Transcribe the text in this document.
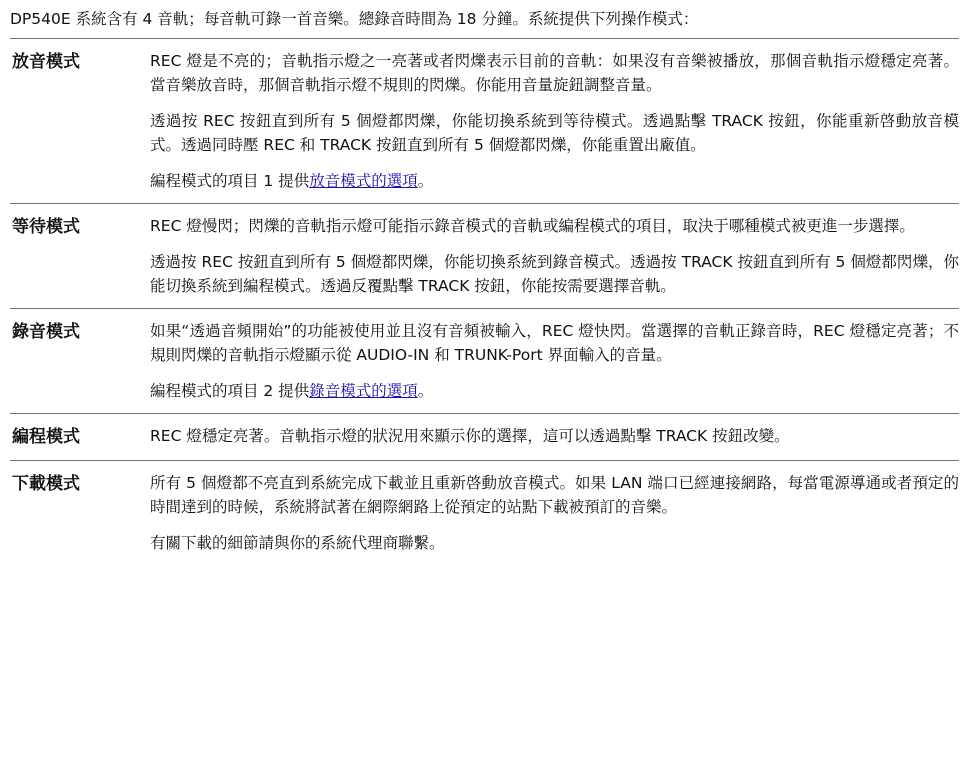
DP540E 系統含有 4 音軌；每音軌可錄一首音樂。總錄音時間為 18 分鐘。系統提供下列操作模式：

放音模式	REC 燈是不亮的；音軌指示燈之一亮著或者閃爍表示目前的音軌：如果沒有音樂被播放，那個音軌指示燈穩定亮著。當音樂放音時，那個音軌指示燈不規則的閃爍。你能用音量旋鈕調整音量。

透過按 REC 按鈕直到所有 5 個燈都閃爍，你能切換系統到等待模式。透過點擊 TRACK 按鈕，你能重新啓動放音模式。透過同時壓 REC 和 TRACK 按鈕直到所有 5 個燈都閃爍，你能重置出廠值。

編程模式的項目 1 提供放音模式的選項。

等待模式	REC 燈慢閃；閃爍的音軌指示燈可能指示錄音模式的音軌或編程模式的項目，取決于哪種模式被更進一步選擇。

透過按 REC 按鈕直到所有 5 個燈都閃爍，你能切換系統到錄音模式。透過按 TRACK 按鈕直到所有 5 個燈都閃爍，你能切換系統到編程模式。透過反覆點擊 TRACK 按鈕，你能按需要選擇音軌。

錄音模式	如果“透過音頻開始”的功能被使用並且沒有音頻被輸入，REC 燈快閃。當選擇的音軌正錄音時，REC 燈穩定亮著；不規則閃爍的音軌指示燈顯示從 AUDIO-IN 和 TRUNK-Port 界面輸入的音量。

編程模式的項目 2 提供錄音模式的選項。

編程模式	REC 燈穩定亮著。音軌指示燈的狀況用來顯示你的選擇，這可以透過點擊 TRACK 按鈕改變。

下載模式	所有 5 個燈都不亮直到系統完成下載並且重新啓動放音模式。如果 LAN 端口已經連接網路，每當電源導通或者預定的時間達到的時候，系統將試著在網際網路上從預定的站點下載被預訂的音樂。

有關下載的細節請與你的系統代理商聯繫。
